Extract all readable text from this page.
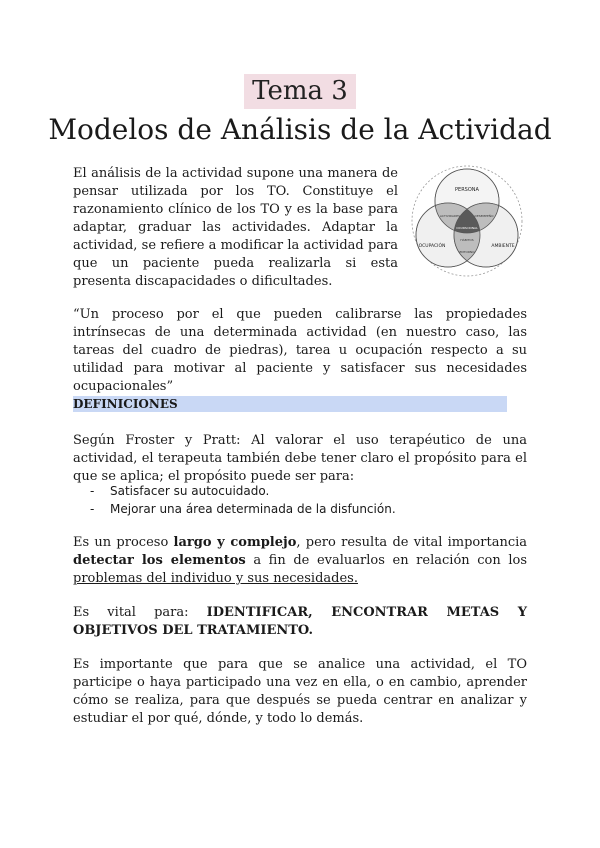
Tema 3
Modelos de Análisis de la Actividad

El análisis de la actividad supone una manera de pensar utilizada por los TO. Constituye el razonamiento clínico de los TO y es la base para adaptar, graduar las actividades. Adaptar la actividad, se refiere a modificar la actividad para que un paciente pueda realizarla si esta presenta discapacidades o dificultades.

PERSONA
OCUPACIÓN	AMBIENTE
ACTIVIDADES	DESEMPEÑO
OCUPACIONAL
ENTORNO
HÁBITOS

“Un proceso por el que pueden calibrarse las propiedades intrínsecas de una determinada actividad (en nuestro caso, las tareas del cuadro de piedras), tarea u ocupación respecto a su utilidad para motivar al paciente y satisfacer sus necesidades ocupacionales”

DEFINICIONES

Según Froster y Pratt: Al valorar el uso terapéutico de una actividad, el terapeuta también debe tener claro el propósito para el que se aplica; el propósito puede ser para:

- Satisfacer su autocuidado.
- Mejorar una área determinada de la disfunción.

Es un proceso largo y complejo, pero resulta de vital importancia detectar los elementos a fin de evaluarlos en relación con los problemas del individuo y sus necesidades.

Es vital para: IDENTIFICAR, ENCONTRAR METAS Y OBJETIVOS DEL TRATAMIENTO.

Es importante que para que se analice una actividad, el TO participe o haya participado una vez en ella, o en cambio, aprender cómo se realiza, para que después se pueda centrar en analizar y estudiar el por qué, dónde, y todo lo demás.
